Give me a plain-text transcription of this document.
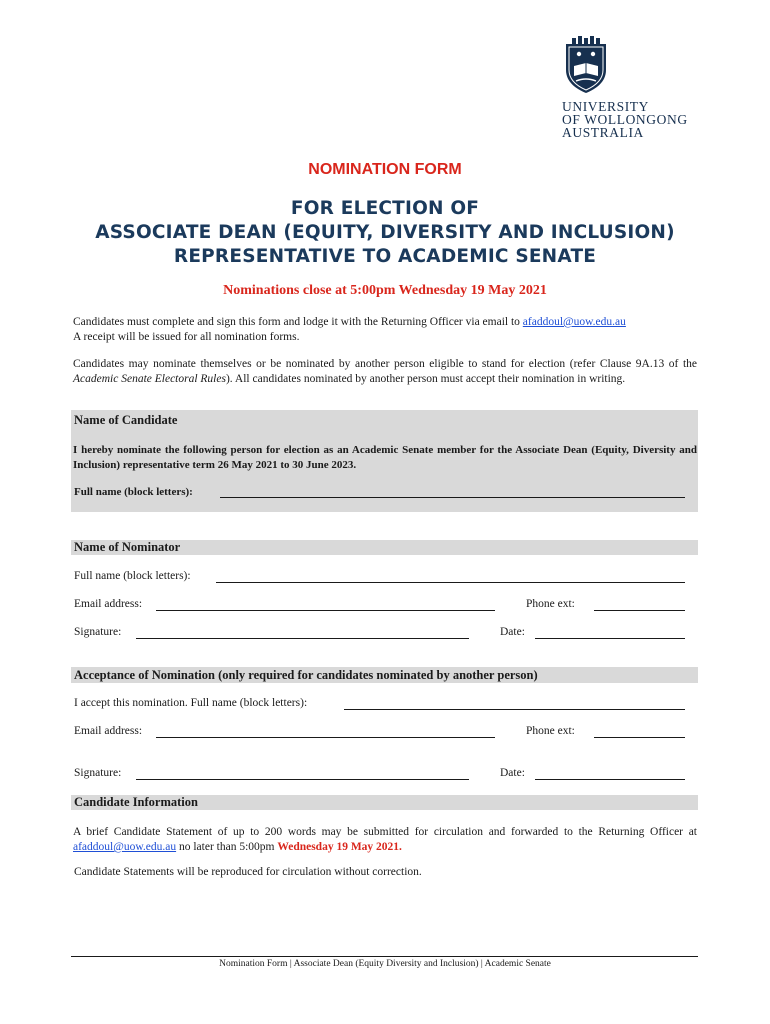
UNIVERSITY
OF WOLLONGONG
AUSTRALIA
NOMINATION FORM
FOR ELECTION OF
ASSOCIATE DEAN (EQUITY, DIVERSITY AND INCLUSION)
REPRESENTATIVE TO ACADEMIC SENATE
Nominations close at 5:00pm Wednesday 19 May 2021
Candidates must complete and sign this form and lodge it with the Returning Officer via email to afaddoul@uow.edu.au
A receipt will be issued for all nomination forms.
Candidates may nominate themselves or be nominated by another person eligible to stand for election (refer Clause 9A.13 of the Academic Senate Electoral Rules). All candidates nominated by another person must accept their nomination in writing.
Name of Candidate
I hereby nominate the following person for election as an Academic Senate member for the Associate Dean (Equity, Diversity and Inclusion) representative term 26 May 2021 to 30 June 2023.
Full name (block letters):
Name of Nominator
Full name (block letters):
Email address:	Phone ext:
Signature:	Date:
Acceptance of Nomination (only required for candidates nominated by another person)
I accept this nomination. Full name (block letters):
Email address:	Phone ext:
Signature:	Date:
Candidate Information
A brief Candidate Statement of up to 200 words may be submitted for circulation and forwarded to the Returning Officer at afaddoul@uow.edu.au no later than 5:00pm Wednesday 19 May 2021.
Candidate Statements will be reproduced for circulation without correction.
Nomination Form | Associate Dean (Equity Diversity and Inclusion) | Academic Senate
